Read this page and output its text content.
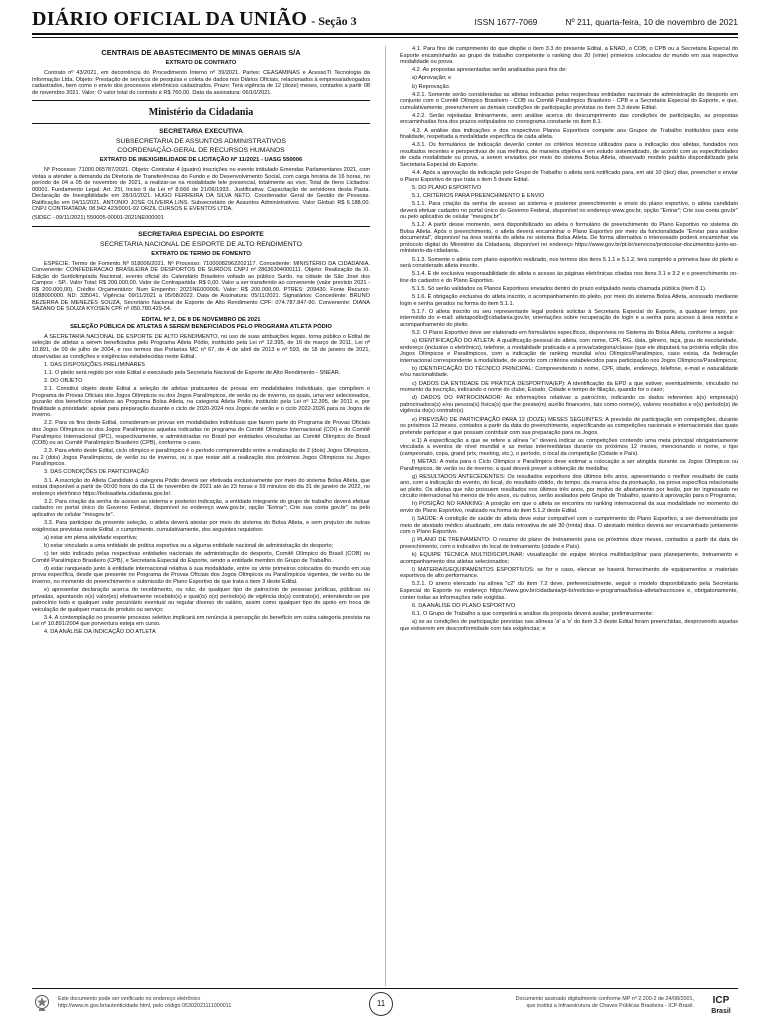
DIÁRIO OFICIAL DA UNIÃO - Seção 3	ISSN 1677-7069	Nº 211, quarta-feira, 10 de novembro de 2021
CENTRAIS DE ABASTECIMENTO DE MINAS GERAIS S/A
EXTRATO DE CONTRATO

Contrato nº 43/2021, em decorrência do Procedimento Interno nº 39/2021. Partes: CEASAMINAS e AcessoTI Tecnologia da Informação Ltda. Objeto: Prestação de serviços de pesquisa e coleta de dados nos Diários Oficiais, relacionados à empresa/advogados cadastrados, bem como o envio dos processos eletrônicos cadastrados. Prazo: Terá vigência de 12 (doze) meses, contados a partir 08 de novembro 2021. Valor: O valor total do contrato é R$ 760,00. Data da assinatura: 06/10/2021.

Ministério da Cidadania
SECRETARIA EXECUTIVA
SUBSECRETARIA DE ASSUNTOS ADMINISTRATIVOS
COORDENAÇÃO-GERAL DE RECURSOS HUMANOS
EXTRATO DE INEXIGIBILIDADE DE LICITAÇÃO Nº 11/2021 - UASG 550006

Nº Processo: 71000.065787/2021. Objeto: Contratar 4 (quatro) inscrições no evento intitulado Emendas Parlamentares 2021, com vistas a atender a demanda da Diretoria de Transferências do Fundo e do Desenvolvimento Social, com carga horária de 16 horas, no período de 04 a 05 de novembro de 2021, a realizar-se na modalidade tele presencial, totalmente ao vivo. Total de Itens Licitados: 00001. Fundamento Legal: Art. 25I, Inciso II da Lei nº 8.666 de 21/06/1993.. Justificativa: Capacitação de servidores desta Pasta. Declaração de Inexigibilidade em 28/10/2021. HUGO FERREIRA DA SILVA NETO. Coordenador Geral de Gestão de Pessoas. Ratificação em 04/11/2021. ANTONIO JOSE OLIVEIRA LINS. Subsecretário de Assuntos Administrativos. Valor Global: R$ 6.188,00. CNPJ CONTRATADA: 08.942.423/0001-92 ORZIL CURSOS E EVENTOS LTDA.

(SIDEC - 09/11/2021) 550005-00001-2021NE000001

SECRETARIA ESPECIAL DO ESPORTE
SECRETARIA NACIONAL DE ESPORTE DE ALTO RENDIMENTO
EXTRATO DE TERMO DE FOMENTO

ESPÉCIE: Termo de Fomento Nº 918006/2021. Nº Processo: 71000082962202117. Concedente: MINISTÉRIO DA CIDADANIA. Convenente: CONFEDERACAO BRASILEIRA DE DESPORTOS DE SURDOS CNPJ nº 28636304000111. Objeto: Realização da XI. Edição do Surdolimpíada Nacional, evento oficial do Calendário Brasileiro voltado ao público Surdo, na cidade de São José dos Campos - SP.. Valor Total: R$ 200.000,00. Valor de Contrapartida: R$ 0,00. Valor a ser transferido ao convenente (valor previsto 2021 - R$ 200.000,00). Crédito Orçamentário: Num Empenho: 2021NE000006. Valor: R$ 200.000,00. PTRES: 209430. Fonte Recurso: 0188000000. ND: 335041. Vigência: 09/11/2021 a 05/08/2022. Data de Assinatura: 05/11/2021. Signatários: Concedente: BRUNO BEZERRA DE MENEZES SOUZA, Secretário Nacional de Esporte de Alto Rendimento CPF: 074.787.847-90. Convenente: DIANA SAZANO DE SOUZA KYOSEN CPF nº 050.780.429-54.

EDITAL Nº 2, DE 8 DE NOVEMBRO DE 2021
SELEÇÃO PÚBLICA DE ATLETAS A SEREM BENEFICIADOS PELO PROGRAMA ATLETA PÓDIO

A SECRETARIA NACIONAL DE ESPORTE DE ALTO RENDIMENTO, no uso de suas atribuições legais, torna público o Edital de seleção de atletas a serem beneficiados pelo Programa Atleta Pódio, instituído pela Lei nº 12.395, de 16 de março de 2011, Lei nº 10.891, de 09 de julho de 2004, e nos termos das Portarias MC nº 67, de 4 de abril de 2013 e nº 593, de 18 de janeiro de 2021, observadas as condições e exigências estabelecidas neste Edital.

1. DAS DISPOSIÇÕES PRELIMINARES

1.1. O pleito será regido por este Edital e executado pela Secretaria Nacional de Esporte de Alto Rendimento - SNEAR.

2. DO OBJETO

2.1. Constitui objeto deste Edital a seleção de atletas praticantes de provas em modalidades individuais, que compõem o Programa de Provas Oficiais dos Jogos Olímpicos ou dos Jogos Paralímpicos, de verão ou de inverno, os quais, uma vez selecionados, gozarão dos benefícios relativos ao Programa Bolsa Atleta, na categoria Atleta Pódio, instituído pela Lei nº 12.395, de 2011 e, por finalidade a prioridade: apoiar para preparação durante o ciclo de 2020-2024 nos Jogos de verão e o ciclo 2022-2026 para os Jogos de inverno.

2.2. Para os fins deste Edital, consideram-se provas em modalidades individuais que fazem parte do Programa de Provas Oficiais dos Jogos Olímpicos ou dos Jogos Paralímpicos aquelas indicadas no programa do Comitê Olímpico Internacional (COI) e do Comitê Paralímpico Internacional (IPC), respectivamente, e administradas no Brasil por entidades vinculadas ao Comitê Olímpico do Brasil (COB) ou ao Comitê Paralímpico Brasileiro (CPB), conforme o caso.

2.3. Para efeito deste Edital, ciclo olímpico e paralímpico é o período compreendido entre a realização de 2 (dois) Jogos Olímpicos, ou 2 (dois) Jogos Paralímpicos, de verão ou de inverno, ou o que restar até a realização dos próximos Jogos Olímpicos ou Jogos Paralímpicos.

3. DAS CONDIÇÕES DE PARTICIPAÇÃO

3.1. A inscrição do Atleta Candidato à categoria Pódio deverá ser efetivada exclusivamente por meio do sistema Bolsa Atleta, que estará disponível a partir de 00:00 hora do dia 11 de novembro de 2021 até às 23 horas e 59 minutos do dia 31 de janeiro de 2022, no endereço eletrônico https://bolsaatleta.cidadania.gov.br/.

3.2. Para criação da senha de acesso ao sistema e posterior indicação, a entidade integrante do grupo de trabalho deverá efetuar cadastro no portal único do Governo Federal, disponível no endereço www.gov.br, opção "Entrar"; Crie sua conta gov.br" ou pelo aplicativo de celular "meugov.br".

3.3. Para participar da presente seleção, o atleta deverá atestar por meio do sistema do Bolsa Atleta, e sem prejuízo de outras exigências previstas neste Edital, o cumprimento, cumulativamente, dos seguintes requisitos:

a) estar em plena atividade esportiva;

b) estar vinculado a uma entidade de prática esportiva ou a alguma entidade nacional de administração do desporto;

c) ter sido indicado pelas respectivas entidades nacionais de administração do desporto, Comitê Olímpico do Brasil (COB) ou Comitê Paralímpico Brasileiro (CPB), e Secretaria Especial do Esporte, sendo a entidade membro do Grupo de Trabalho.

d) estar ranqueado junto à entidade internacional relativa à sua modalidade, entre os vinte primeiros colocados do mundo em sua prova específica, desde que presente no Programa de Provas Oficiais dos Jogos Olímpicos ou Paralímpicos vigentes, de verão ou de inverno, no momento do preenchimento e submissão do Plano Esportivo de que trata o item 3 deste Edital.

e) apresentar declaração acerca do recebimento, ou não, de qualquer tipo de patrocínio de pessoas jurídicas, públicas ou privadas, apontando o(s) valor(es) efetivamente recebido(s) e qual(is) o(s) período(s) de vigência do(s) contrato(s), entendendo-se por patrocínio todo e qualquer valor pecuniário eventual ou regular diverso do salário, assim como qualquer tipo de apoio em troca de veiculação de qualquer marca de produto ou serviço;

3.4. A contemplação no presente processo seletivo implicará em renúncia à percepção do benefício em outra categoria prevista na Lei nº 10.891/2004 que porventura esteja em curso.

4. DA ANÁLISE DA INDICAÇÃO DO ATLETA

4.1. Para fins de cumprimento do que dispõe o item 3.3 do presente Edital, a ENAD, o COB, o CPB ou a Secretaria Especial do Esporte encaminharão ao grupo de trabalho competente o ranking dos 20 (vinte) primeiros colocados do mundo em sua respectiva modalidade ou prova.

4.2. As propostas apresentadas serão analisadas para fins de:

a) Aprovação; e

b) Reprovação.

4.2.1. Somente serão consideradas as atletas indicadas pelas respectivas entidades nacionais de administração do desporto em conjunto com o Comitê Olímpico Brasileiro - COB ou Comitê Paralímpico Brasileiro - CPB e a Secretaria Especial do Esporte, e que, cumulativamente, preencherem as demais condições de participação previstas no item 3.3 deste Edital.

4.2.2. Serão rejeitadas liminarmente, sem análise acerca do descumprimento das condições de participação, as propostas encaminhadas fora dos prazos estipulados no cronograma constante no item 8.1.

4.3. A análise das indicações e dos respectivos Planos Esportivos compete aos Grupos de Trabalho instituídos para esta finalidade, respeitada a modalidade específica de cada atleta.

4.3.1. Os formulários de indicação deverão conter os critérios técnicos utilizados para a indicação dos atletas, fundados nos resultados recentes e perspectivas de sua melhora, de maneira objetiva e em estudo sistematizado, de acordo com as especificidades de cada modalidade ou prova, a serem enviados por meio do sistema Bolsa Atleta, observado modelo padrão disponibilizado pela Secretaria Especial do Esporte.

4.4. Após a aprovação da indicação pelo Grupo de Trabalho o atleta será notificado para, em até 10 (dez) dias, preencher e enviar o Plano Esportivo de que trata o item 5 deste Edital.

5. DO PLANO ESPORTIVO

5.1. CRITÉRIOS PARA PREENCHIMENTO E ENVIO

5.1.1. Para criação da senha de acesso ao sistema e posterior preenchimento e envio do plano esportivo, o atleta candidato deverá efetuar cadastro no portal único do Governo Federal, disponível no endereço www.gov.br, opção "Entrar"; Crie sua conta gov.br" ou pelo aplicativo de celular "meugov.br".

5.1.2. A partir desse momento, será disponibilizado ao atleta o formulário de preenchimento do Plano Esportivo no sistema do Bolsa Atleta. Após o preenchimento, o atleta deverá encaminhar o Plano Esportivo por meio da funcionalidade "Enviar para análise documental", disponível na área restrita do atleta no sistema Bolsa Atleta. De forma alternativa o interessado poderá encaminhar via protocolo digital do Ministério da Cidadania, disponível no endereço https://www.gov.br/pt-br/servicos/protocolar-documentos-junto-ao-ministerio-da-cidadania.

5.1.3. Somente o atleta com plano esportivo realizado, nos termos dos itens 5.1.1 e 5.1.2, terá cumprido a primeira fase do pleito e será considerado atleta inscrito.

5.1.4. É de exclusiva responsabilidade do atleta o acesso às páginas eletrônicas citadas nos itens 3.1 e 3.2 e o preenchimento on-line do cadastro e do Plano Esportivo.

5.1.5. Só serão validados os Planos Esportivos enviados dentro do prazo estipulado nesta chamada pública (item 8.1).

5.1.6. É obrigação exclusiva do atleta inscrito, o acompanhamento do pleito, por meio do sistema Bolsa Atleta, acessado mediante login e senha gerados na forma do item 5.1.1.

5.1.7. O atleta inscrito ou seu representante legal poderá solicitar à Secretaria Especial do Esporte, a qualquer tempo, por intermédio do e-mail: atletapodio@cidadania.gov.br, orientações sobre recuperação de login e a senha para acesso à área restrita e acompanhamento do pleito.

5.2. O Plano Esportivo deve ser elaborado em formulários específicos, disponíveis no Sistema do Bolsa Atleta, conforme a seguir:

a) IDENTIFICAÇÃO DO ATLETA: A qualificação pessoal do atleta, com nome, CPF, RG, data, gênero, raça, grau de escolaridade, endereço (inclusive o eletrônico), telefone, a modalidade praticada e a prova/categoria/classe (que ele disputará na próxima edição dos Jogos Olímpicos e Paralímpicos, com a indicação de ranking mundial e/ou Olímpico/Paralímpico, caso exista, da federação internacional correspondente à modalidade, de acordo com critérios estabelecidos para participação nos Jogos Olímpicos/Paralímpicos;

b) IDENTIFICAÇÃO DO TÉCNICO PRINCIPAL: Compreendendo o nome, CPF, idade, endereço, telefone, e-mail e naturalidade e/ou nacionalidade.

c) DADOS DA ENTIDADE DE PRÁTICA DESPORTIVA(EP): A identificação da EPD a que estiver, eventualmente, vinculado no momento da inscrição, indicando o nome do clube, Estado, Cidade e tempo de filiação, quando for o caso;

d) DADOS DO PATROCINADOR: As informações relativas a patrocínio, indicando os dados referentes à(s) empresa(s) patrocinadora(s) e/ou pessoa(s) física(s) que lhe preste(m) auxílio financeiro, tais como nome(s), valores recebidos e o(s) período(s) de vigência do(s) contrato(s).

e) PREVISÃO DE PARTICIPAÇÃO PARA 12 (DOZE) MESES SEGUINTES: A previsão de participação em competições, durante os próximos 12 meses, contados a partir da data do preenchimento, especificando as competições nacionais e internacionais das quais pretende participar e que possam contribuir com sua preparação para os Jogos.

e.1) A especificação a que se refere a alínea "e" deverá indicar as competições contendo uma meta principal obrigatoriamente vinculada a eventos de nível mundial e as metas intermediárias durante os próximos 12 meses, mencionando o nome, o tipo (campeonato, copa, grand prix, meeting, etc.), o período, o local da competição (Cidade e País).

f) METAS: A meta para o Ciclo Olímpico e Paralímpico deve estimar a colocação a ser atingida durante os Jogos Olímpicos ou Paralímpicos, de verão ou de inverno, a qual deverá prever a obtenção de medalha;

g) RESULTADOS ANTECEDENTES: Os resultados esportivos dos últimos três anos, apresentando o melhor resultado de cada ano, com a indicação do evento, do local, do resultado obtido, do tempo, da marca e/ou da pontuação, na prova específica relacionada ao pleito. Os atletas que não possuem resultados nos últimos três anos, por motivo de afastamento por lesão, por ter ingressado no circuito internacional há menos de três anos, ou outros, serão avaliados pelo Grupo de Trabalho, quanto à aprovação para o Programa;

h) POSIÇÃO NO RANKING: A posição em que o atleta se encontra no ranking internacional da sua modalidade no momento do envio do Plano Esportivo, realizado na forma do item 5.1.2 deste Edital.

i) SAÚDE: A condição de saúde do atleta deve estar compatível com o cumprimento do Plano Esportivo, a ser demonstrada por meio de atestado médico atualizado, em data retroativa de até 30 (trinta) dias. O atestado médico deverá ser encaminhado juntamente com o Plano Esportivo.

j) PLANO DE TREINAMENTO: O resumo do plano de treinamento para os próximos doze meses, contados a partir da data do preenchimento, com o indicativo do local de treinamento (cidade e País).

k) EQUIPE TÉCNICA MULTIDISCIPLINAR: visualização de equipe técnica multidisciplinar para planejamento, treinamento e acompanhamento dos atletas selecionados;

l) MATERIAIS/EQUIPAMENTOS ESPORTIVOS: se for o caso, elencar se haverá fornecimento de equipamentos e materiais esportivos de alto performance.

5.2.1. O anexo elencado na alínea "c2" do item 7.2 deve, preferencialmente, seguir o modelo disponibilizado pela Secretaria Especial do Esporte no endereço https://www.gov.br/cidadania/pt-br/noticias-e-programas/bolsa-atleta/inscricoes e, obrigatoriamente, conter todas as informações nele exigidas.

6. DA ANÁLISE DO PLANO ESPORTIVO

6.1. O Grupo de Trabalho a que competirá a análise da proposta deverá avaliar, preliminarmente:

a) se as condições de participação previstas nas alíneas 'a' a 'e' do item 3.3 deste Edital foram preenchidas, desprovendo aquelas que estiverem em desconformidade com tais exigências; e

Este documento pode ser verificado no endereço eletrônico
http://www.in.gov.br/autenticidade.html, pelo código 05302021111000011	11	Documento assinado digitalmente conforme MP nº 2.200-2 de 24/08/2001,
que institui a Infraestrutura de Chaves Públicas Brasileira - ICP-Brasil. ICP
Brasil
